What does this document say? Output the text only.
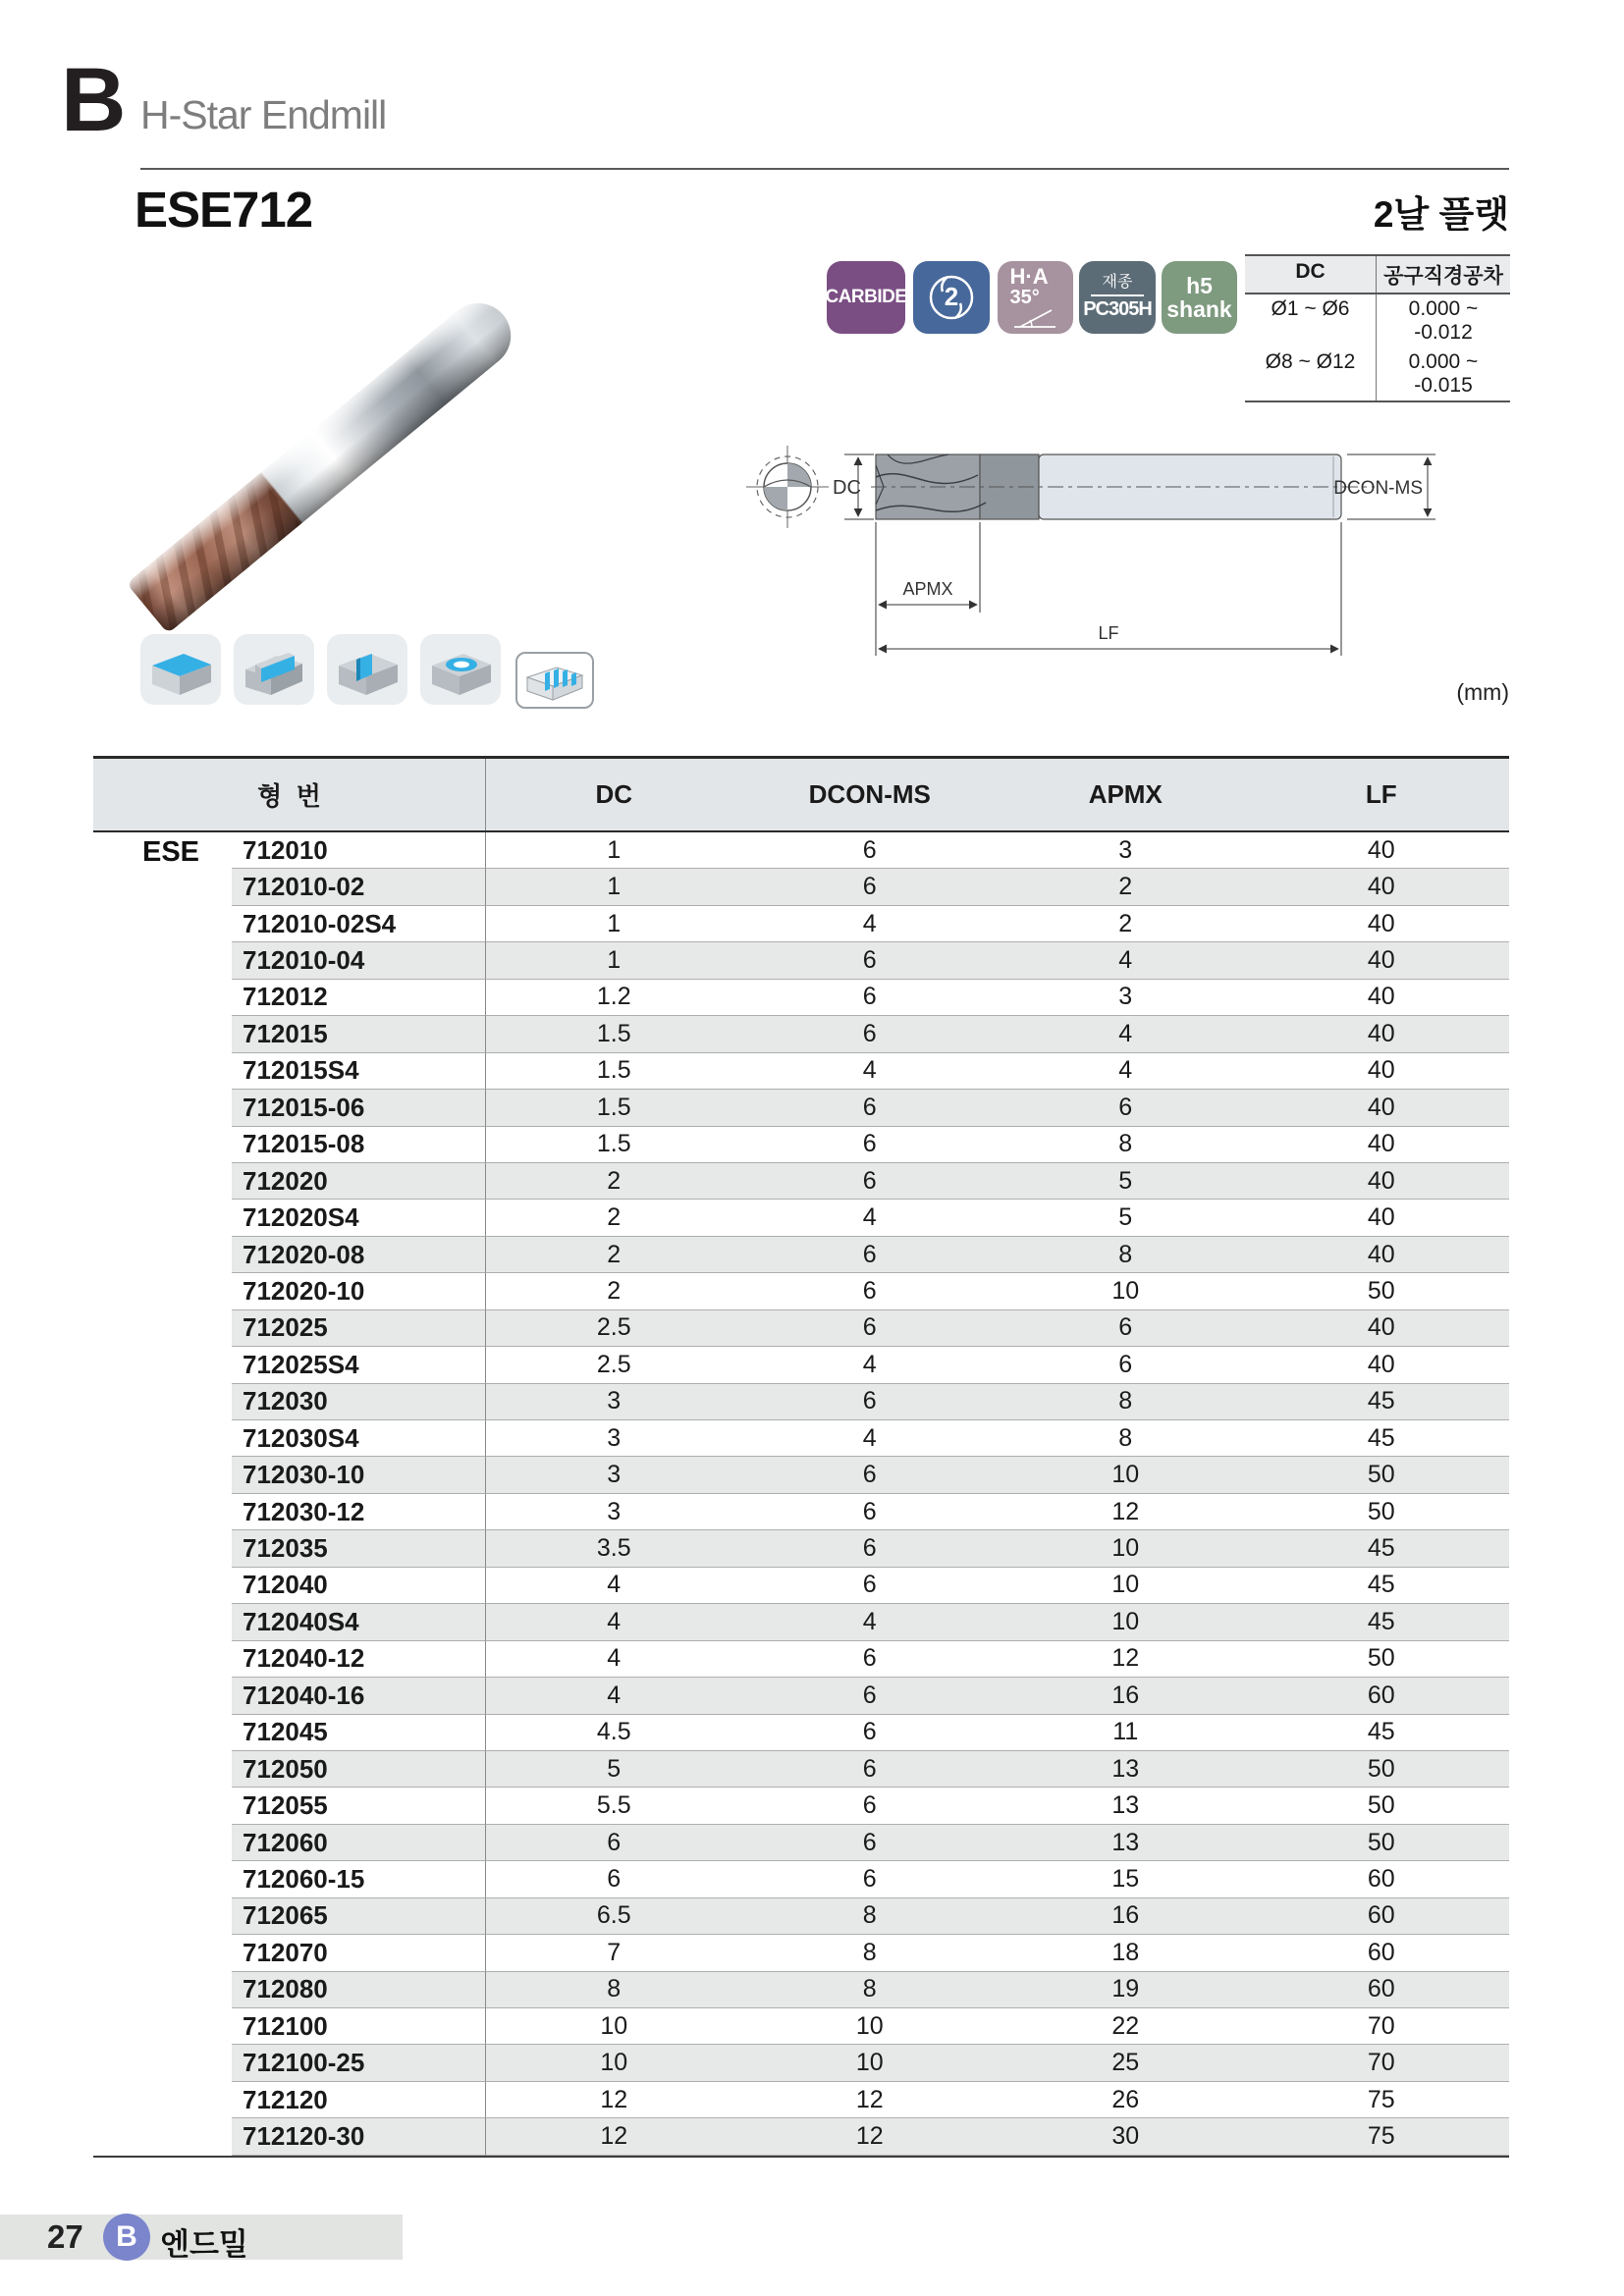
B H-Star Endmill
ESE712	2날 플랫
CARBIDE	2
H·A
35°
재종
PC305H
h5
shank
DC	공구직경공차
Ø1 ~ Ø6	0.000 ~ -0.012
Ø8 ~ Ø12	0.000 ~ -0.015
DC	DCON-MS
APMX
LF
(mm)
형  번	DC	DCON-MS	APMX	LF
712010	1	6	3	40
712010-02	1	6	2	40
712010-02S4	1	4	2	40
712010-04	1	6	4	40
712012	1.2	6	3	40
712015	1.5	6	4	40
712015S4	1.5	4	4	40
712015-06	1.5	6	6	40
712015-08	1.5	6	8	40
712020	2	6	5	40
712020S4	2	4	5	40
712020-08	2	6	8	40
712020-10	2	6	10	50
712025	2.5	6	6	40
712025S4	2.5	4	6	40
712030	3	6	8	45
712030S4	3	4	8	45
712030-10	3	6	10	50
712030-12	3	6	12	50
712035	3.5	6	10	45
712040	4	6	10	45
712040S4	4	4	10	45
712040-12	4	6	12	50
712040-16	4	6	16	60
712045	4.5	6	11	45
712050	5	6	13	50
712055	5.5	6	13	50
712060	6	6	13	50
712060-15	6	6	15	60
712065	6.5	8	16	60
712070	7	8	18	60
712080	8	8	19	60
712100	10	10	22	70
712100-25	10	10	25	70
712120	12	12	26	75
712120-30	12	12	30	75
ESE
27 B 엔드밀
